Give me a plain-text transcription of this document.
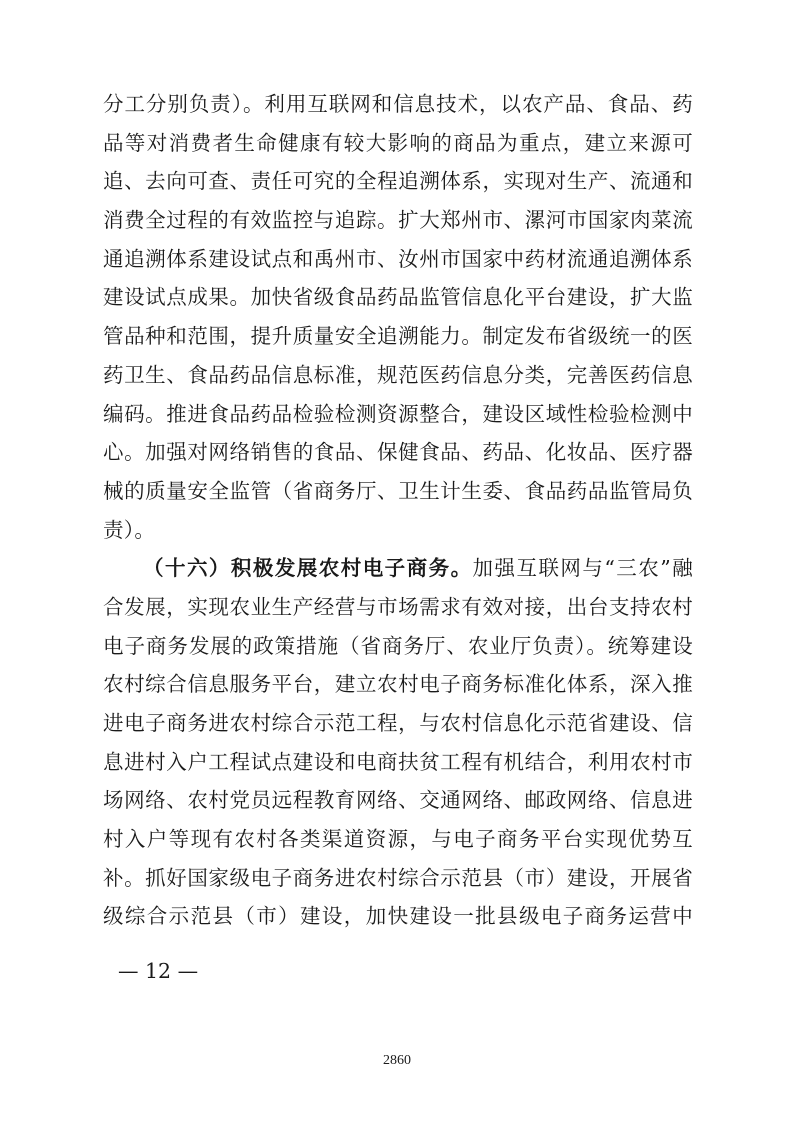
分工分别负责）。利用互联网和信息技术，以农产品、食品、药
品等对消费者生命健康有较大影响的商品为重点，建立来源可
追、去向可查、责任可究的全程追溯体系，实现对生产、流通和
消费全过程的有效监控与追踪。扩大郑州市、漯河市国家肉菜流
通追溯体系建设试点和禹州市、汝州市国家中药材流通追溯体系
建设试点成果。加快省级食品药品监管信息化平台建设，扩大监
管品种和范围，提升质量安全追溯能力。制定发布省级统一的医
药卫生、食品药品信息标准，规范医药信息分类，完善医药信息
编码。推进食品药品检验检测资源整合，建设区域性检验检测中
心。加强对网络销售的食品、保健食品、药品、化妆品、医疗器
械的质量安全监管（省商务厅、卫生计生委、食品药品监管局负
责）。
（十六）积极发展农村电子商务。加强互联网与“三农”融
合发展，实现农业生产经营与市场需求有效对接，出台支持农村
电子商务发展的政策措施（省商务厅、农业厅负责）。统筹建设
农村综合信息服务平台，建立农村电子商务标准化体系，深入推
进电子商务进农村综合示范工程，与农村信息化示范省建设、信
息进村入户工程试点建设和电商扶贫工程有机结合，利用农村市
场网络、农村党员远程教育网络、交通网络、邮政网络、信息进
村入户等现有农村各类渠道资源，与电子商务平台实现优势互
补。抓好国家级电子商务进农村综合示范县（市）建设，开展省
级综合示范县（市）建设，加快建设一批县级电子商务运营中
— 12 —
2860
